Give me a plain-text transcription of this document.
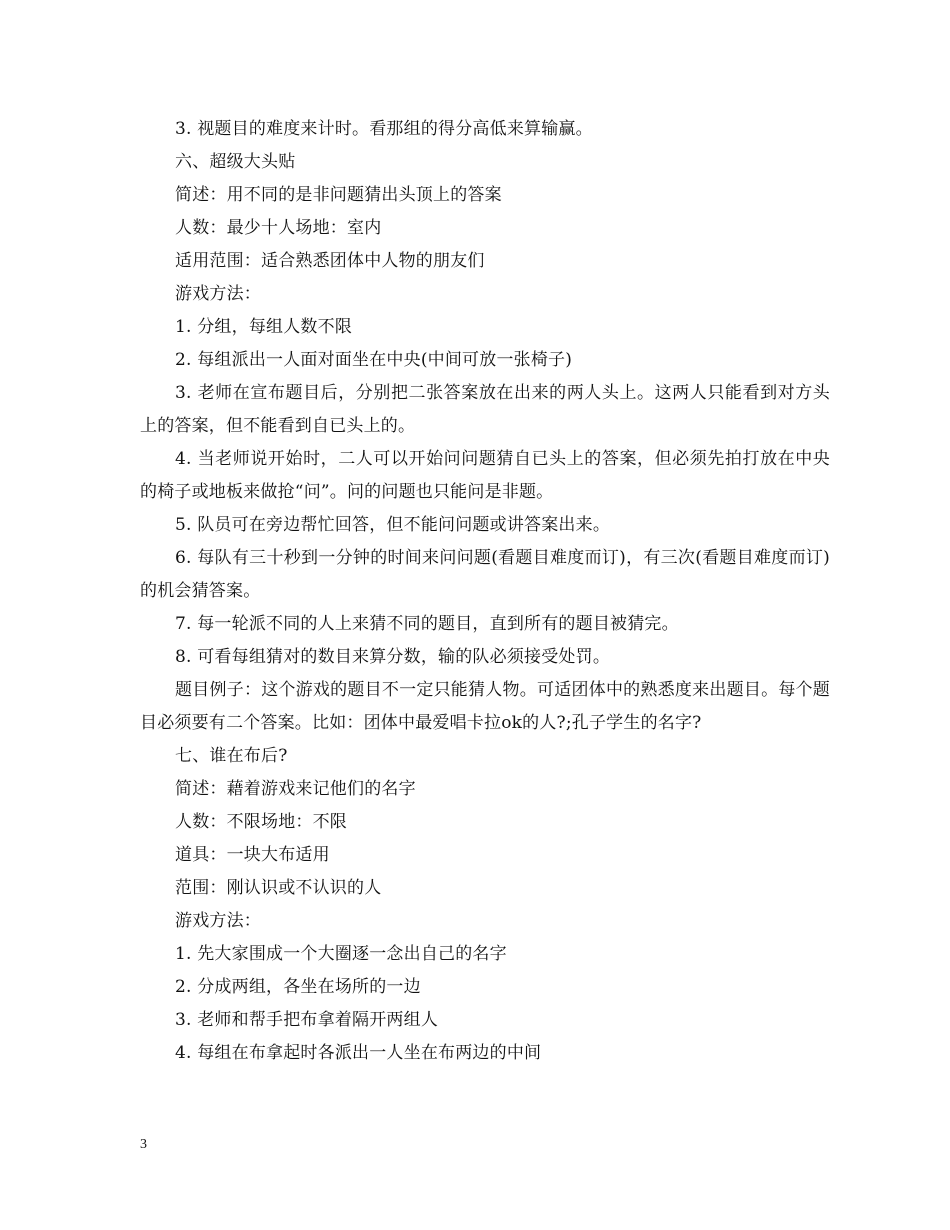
3. 视题目的难度来计时。看那组的得分高低来算输赢。

六、超级大头贴

简述：用不同的是非问题猜出头顶上的答案

人数：最少十人场地：室内

适用范围：适合熟悉团体中人物的朋友们

游戏方法：

1. 分组，每组人数不限

2. 每组派出一人面对面坐在中央(中间可放一张椅子)

3. 老师在宣布题目后，分别把二张答案放在出来的两人头上。这两人只能看到对方头上的答案，但不能看到自已头上的。

4. 当老师说开始时，二人可以开始问问题猜自已头上的答案，但必须先拍打放在中央的椅子或地板来做抢“问”。问的问题也只能问是非题。

5. 队员可在旁边帮忙回答，但不能问问题或讲答案出来。

6. 每队有三十秒到一分钟的时间来问问题(看题目难度而订)，有三次(看题目难度而订)的机会猜答案。

7. 每一轮派不同的人上来猜不同的题目，直到所有的题目被猜完。

8. 可看每组猜对的数目来算分数，输的队必须接受处罚。

题目例子：这个游戏的题目不一定只能猜人物。可适团体中的熟悉度来出题目。每个题目必须要有二个答案。比如：团体中最爱唱卡拉ok的人?;孔子学生的名字?

七、谁在布后?

简述：藉着游戏来记他们的名字

人数：不限场地：不限

道具：一块大布适用

范围：刚认识或不认识的人

游戏方法：

1. 先大家围成一个大圈逐一念出自己的名字

2. 分成两组，各坐在场所的一边

3. 老师和帮手把布拿着隔开两组人

4. 每组在布拿起时各派出一人坐在布两边的中间

3
